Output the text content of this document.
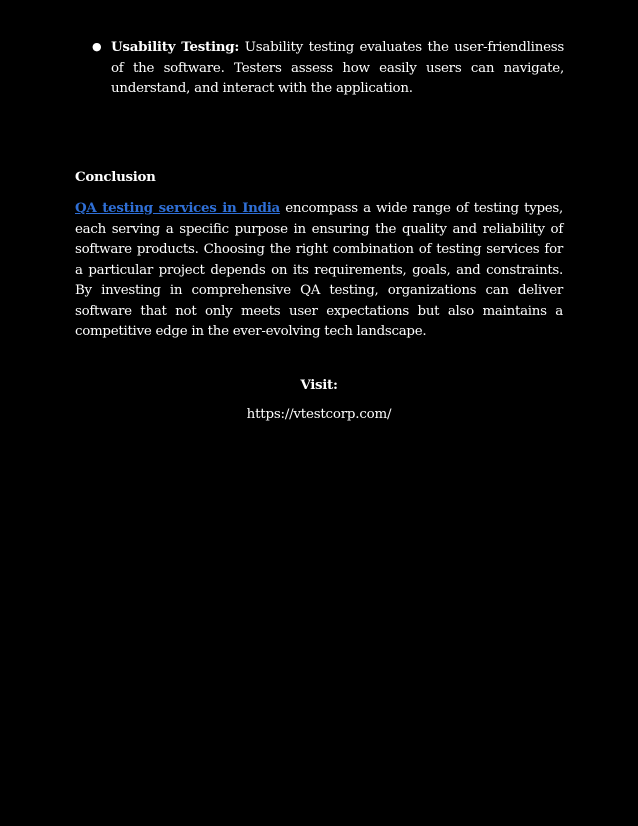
● Usability Testing: Usability testing evaluates the user-friendliness of the software. Testers assess how easily users can navigate, understand, and interact with the application.
Conclusion
QA testing services in India encompass a wide range of testing types, each serving a specific purpose in ensuring the quality and reliability of software products. Choosing the right combination of testing services for a particular project depends on its requirements, goals, and constraints. By investing in comprehensive QA testing, organizations can deliver software that not only meets user expectations but also maintains a competitive edge in the ever-evolving tech landscape.
Visit:
https://vtestcorp.com/
